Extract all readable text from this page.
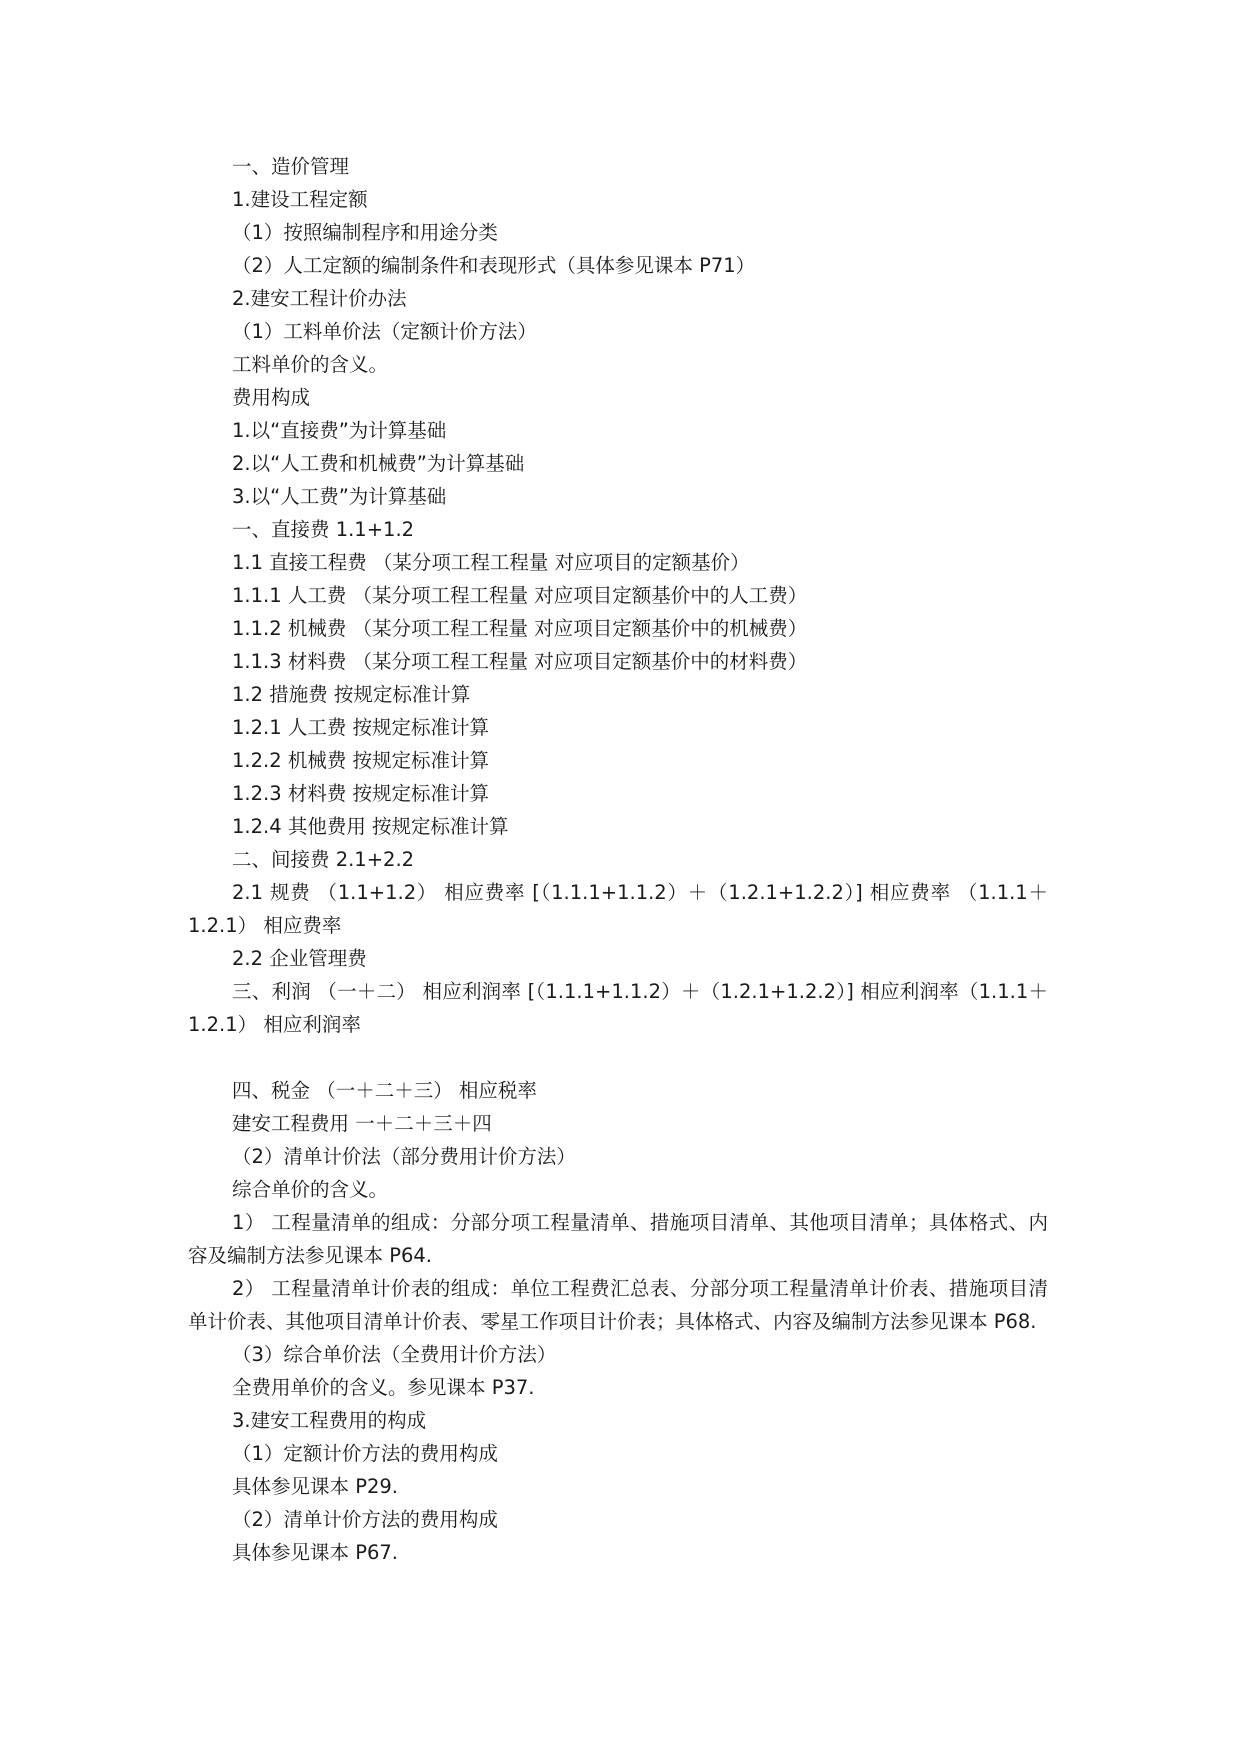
一、造价管理

1.建设工程定额

（1）按照编制程序和用途分类

（2）人工定额的编制条件和表现形式（具体参见课本 P71）

2.建安工程计价办法

（1）工料单价法（定额计价方法）

工料单价的含义。

费用构成

1.以“直接费”为计算基础

2.以“人工费和机械费”为计算基础

3.以“人工费”为计算基础

一、直接费 1.1+1.2

1.1 直接工程费 （某分项工程工程量 对应项目的定额基价）

1.1.1 人工费 （某分项工程工程量 对应项目定额基价中的人工费）

1.1.2 机械费 （某分项工程工程量 对应项目定额基价中的机械费）

1.1.3 材料费 （某分项工程工程量 对应项目定额基价中的材料费）

1.2 措施费 按规定标准计算

1.2.1 人工费 按规定标准计算

1.2.2 机械费 按规定标准计算

1.2.3 材料费 按规定标准计算

1.2.4 其他费用 按规定标准计算

二、间接费 2.1+2.2

2.1 规费 （1.1+1.2） 相应费率 [（1.1.1+1.1.2）＋（1.2.1+1.2.2）] 相应费率 （1.1.1＋1.2.1） 相应费率

2.2 企业管理费

三、利润 （一＋二） 相应利润率 [（1.1.1+1.1.2）＋（1.2.1+1.2.2）] 相应利润率（1.1.1＋1.2.1） 相应利润率

四、税金 （一＋二＋三） 相应税率

建安工程费用 一＋二＋三＋四

（2）清单计价法（部分费用计价方法）

综合单价的含义。

1） 工程量清单的组成：分部分项工程量清单、措施项目清单、其他项目清单；具体格式、内容及编制方法参见课本 P64.

2） 工程量清单计价表的组成：单位工程费汇总表、分部分项工程量清单计价表、措施项目清单计价表、其他项目清单计价表、零星工作项目计价表；具体格式、内容及编制方法参见课本 P68.

（3）综合单价法（全费用计价方法）

全费用单价的含义。参见课本 P37.

3.建安工程费用的构成

（1）定额计价方法的费用构成

具体参见课本 P29.

（2）清单计价方法的费用构成

具体参见课本 P67.
